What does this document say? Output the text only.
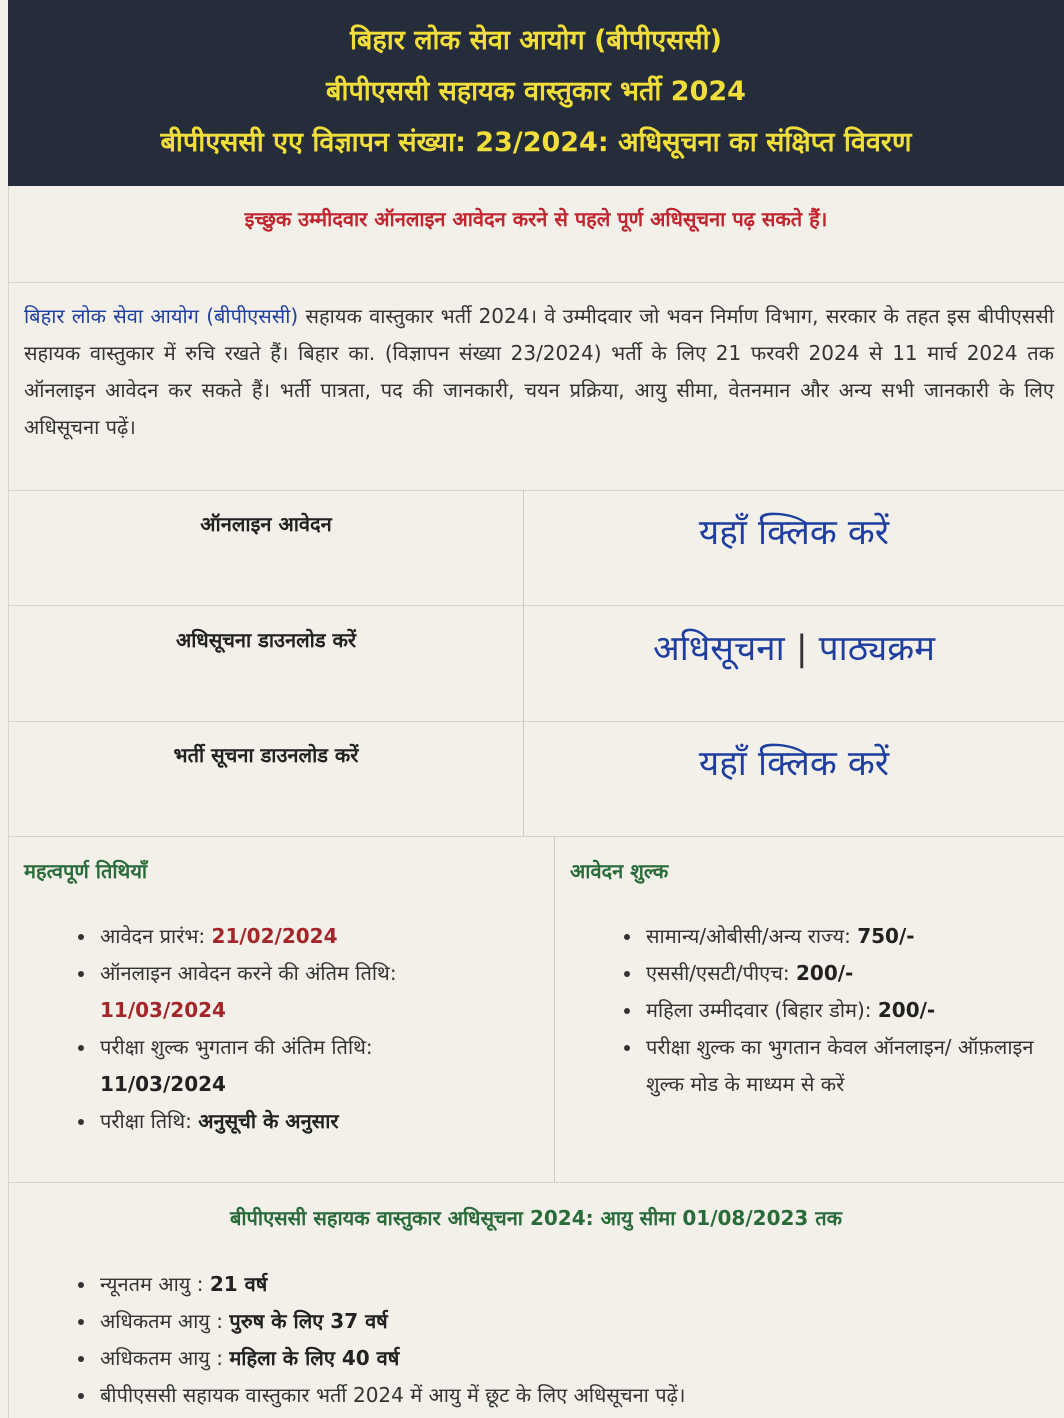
बिहार लोक सेवा आयोग (बीपीएससी)
बीपीएससी सहायक वास्तुकार भर्ती 2024
बीपीएससी एए विज्ञापन संख्या: 23/2024: अधिसूचना का संक्षिप्त विवरण
इच्छुक उम्मीदवार ऑनलाइन आवेदन करने से पहले पूर्ण अधिसूचना पढ़ सकते हैं।
बिहार लोक सेवा आयोग (बीपीएससी) सहायक वास्तुकार भर्ती 2024। वे उम्मीदवार जो भवन निर्माण विभाग, सरकार के तहत इस बीपीएससी सहायक वास्तुकार में रुचि रखते हैं। बिहार का. (विज्ञापन संख्या 23/2024) भर्ती के लिए 21 फरवरी 2024 से 11 मार्च 2024 तक ऑनलाइन आवेदन कर सकते हैं। भर्ती पात्रता, पद की जानकारी, चयन प्रक्रिया, आयु सीमा, वेतनमान और अन्य सभी जानकारी के लिए अधिसूचना पढ़ें।
ऑनलाइन आवेदन	यहाँ क्लिक करें
अधिसूचना डाउनलोड करें	अधिसूचना | पाठ्यक्रम
भर्ती सूचना डाउनलोड करें	यहाँ क्लिक करें
महत्वपूर्ण तिथियाँ
आवेदन प्रारंभ: 21/02/2024
ऑनलाइन आवेदन करने की अंतिम तिथि:
11/03/2024
परीक्षा शुल्क भुगतान की अंतिम तिथि:
11/03/2024
परीक्षा तिथि: अनुसूची के अनुसार
आवेदन शुल्क
सामान्य/ओबीसी/अन्य राज्य: 750/-
एससी/एसटी/पीएच: 200/-
महिला उम्मीदवार (बिहार डोम): 200/-
परीक्षा शुल्क का भुगतान केवल ऑनलाइन/ ऑफ़लाइन शुल्क मोड के माध्यम से करें
बीपीएससी सहायक वास्तुकार अधिसूचना 2024: आयु सीमा 01/08/2023 तक
न्यूनतम आयु : 21 वर्ष
अधिकतम आयु : पुरुष के लिए 37 वर्ष
अधिकतम आयु : महिला के लिए 40 वर्ष
बीपीएससी सहायक वास्तुकार भर्ती 2024 में आयु में छूट के लिए अधिसूचना पढ़ें।
